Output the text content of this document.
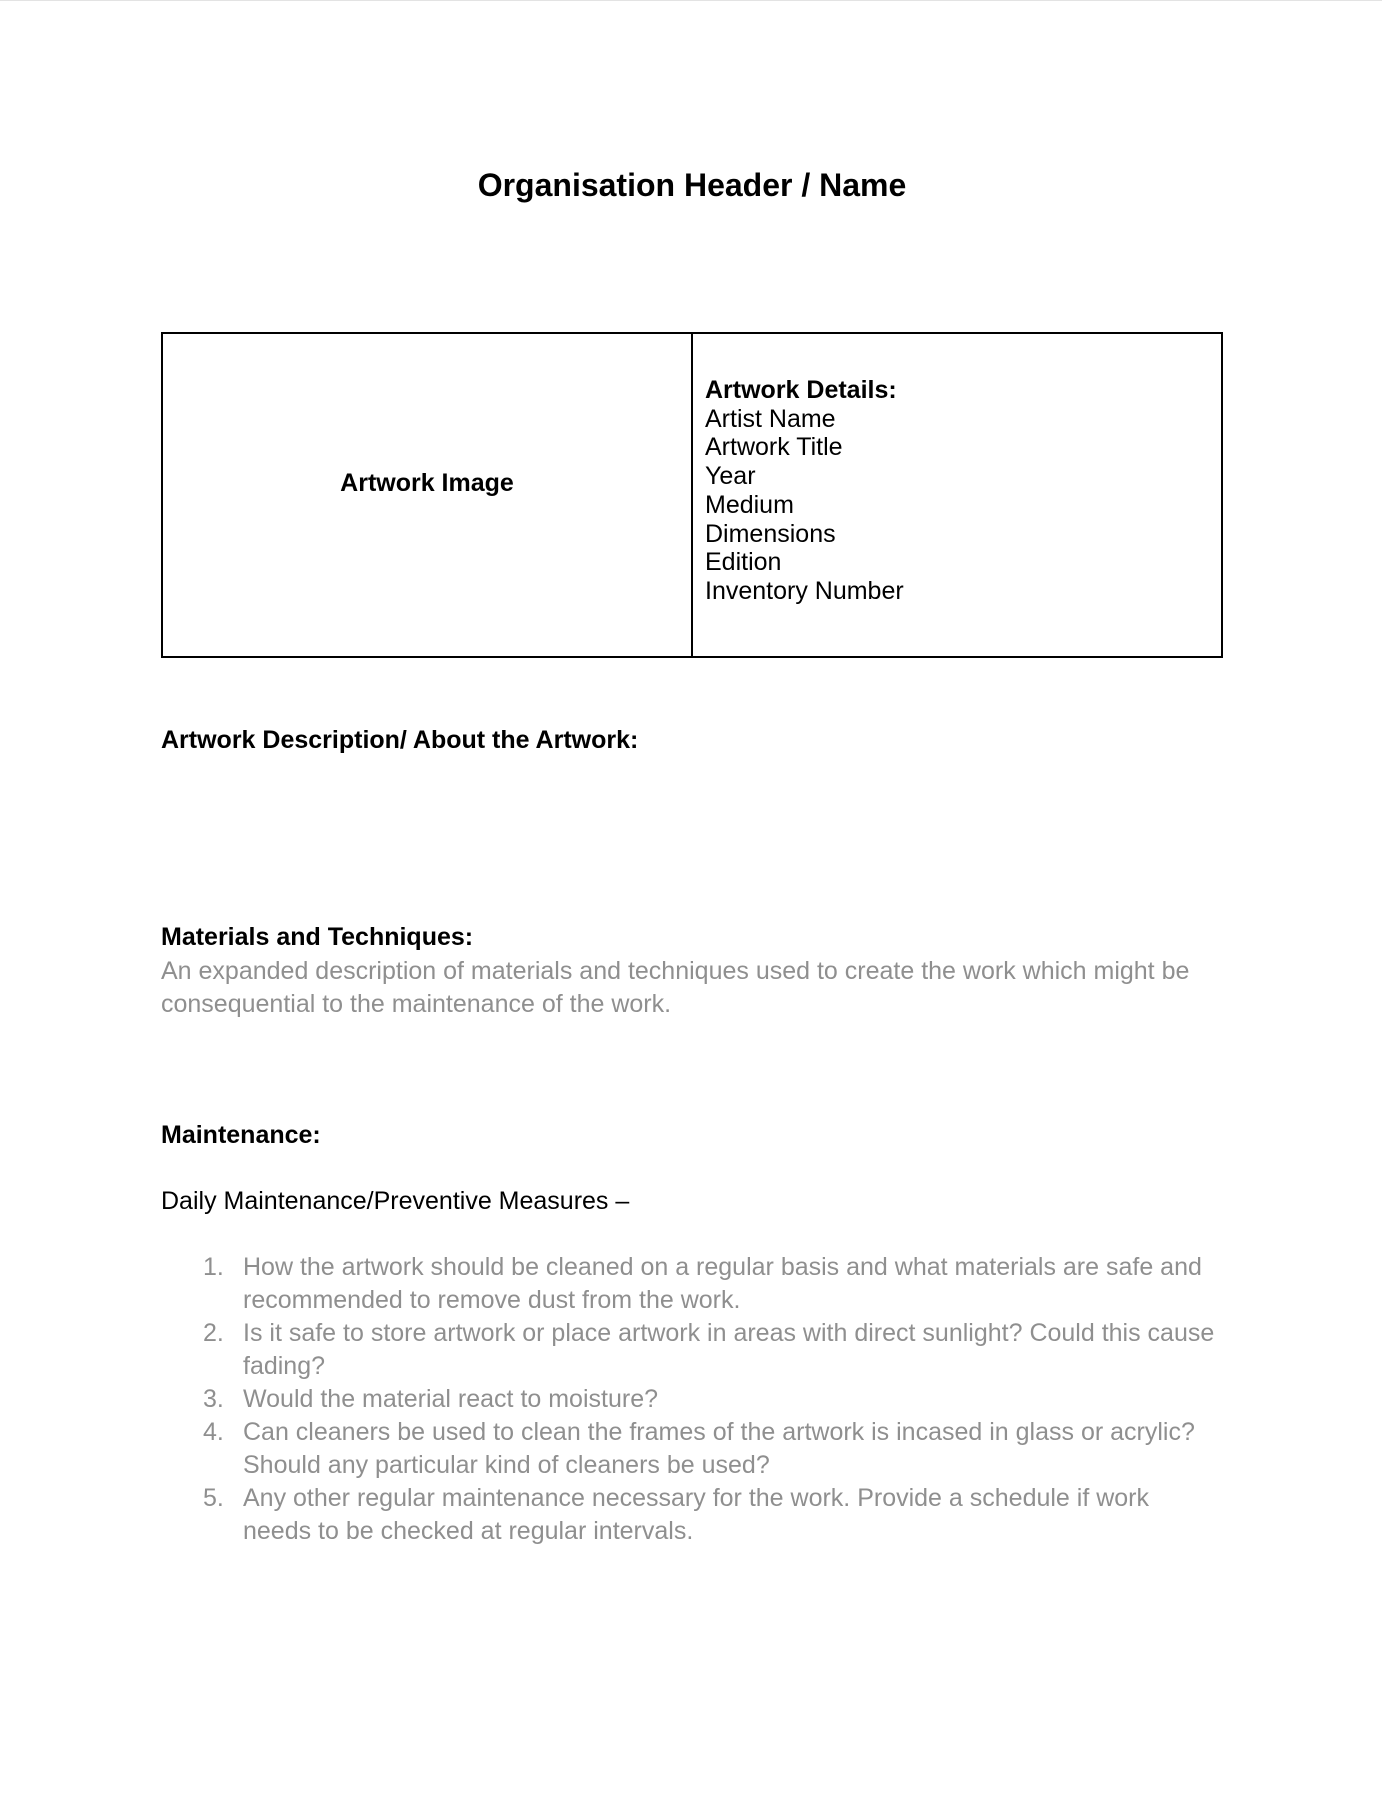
Organisation Header / Name
Artwork Image
Artwork Details:
Artist Name
Artwork Title
Year
Medium
Dimensions
Edition
Inventory Number
Artwork Description/ About the Artwork:
Materials and Techniques:
An expanded description of materials and techniques used to create the work which might be consequential to the maintenance of the work.
Maintenance:
Daily Maintenance/Preventive Measures –
1. How the artwork should be cleaned on a regular basis and what materials are safe and recommended to remove dust from the work.
2. Is it safe to store artwork or place artwork in areas with direct sunlight? Could this cause fading?
3. Would the material react to moisture?
4. Can cleaners be used to clean the frames of the artwork is incased in glass or acrylic? Should any particular kind of cleaners be used?
5. Any other regular maintenance necessary for the work. Provide a schedule if work needs to be checked at regular intervals.
